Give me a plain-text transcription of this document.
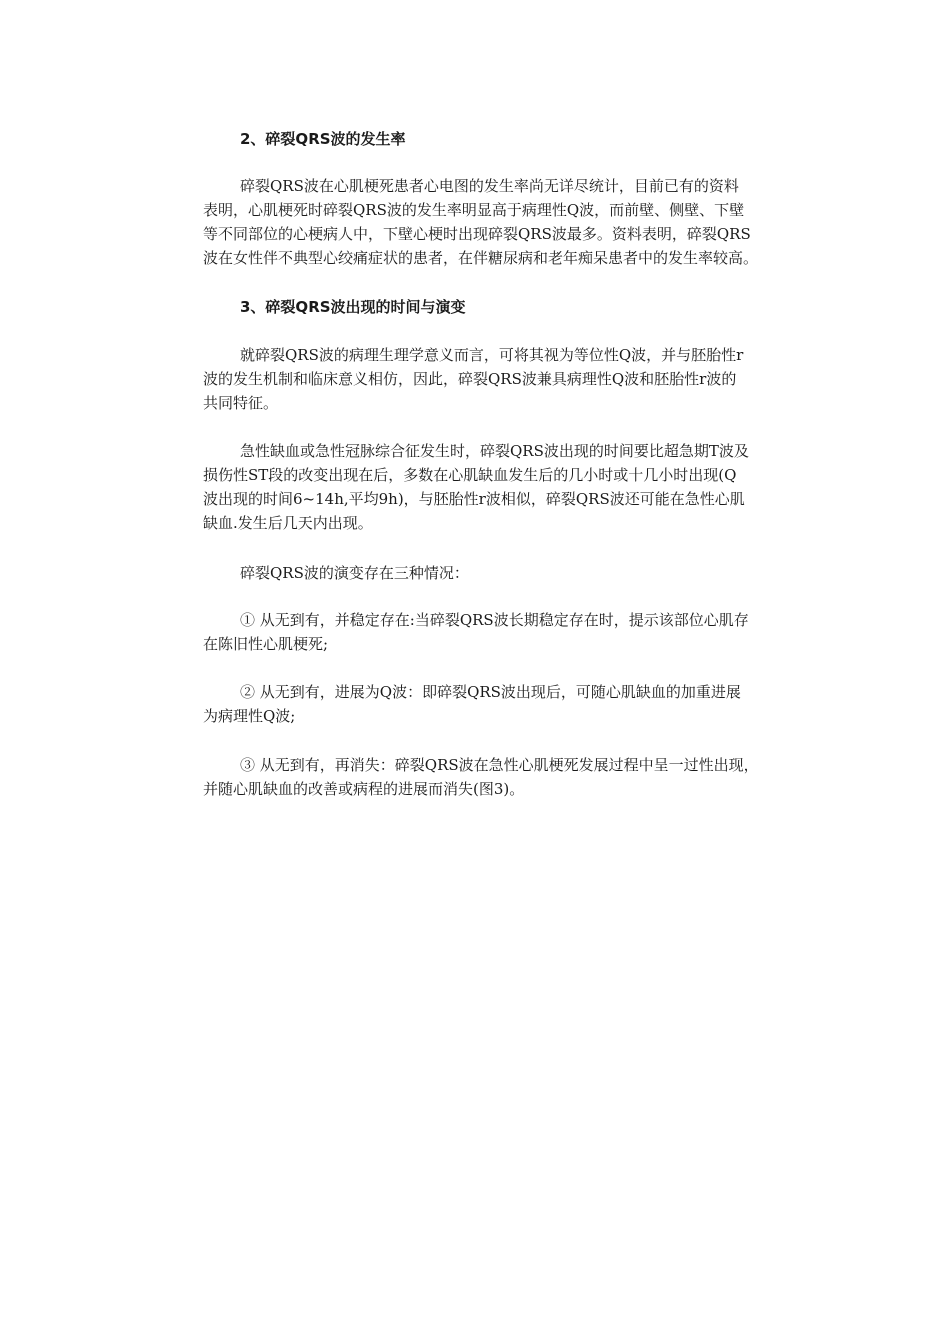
2、碎裂QRS波的发生率
碎裂QRS波在心肌梗死患者心电图的发生率尚无详尽统计，目前已有的资料
表明，心肌梗死时碎裂QRS波的发生率明显高于病理性Q波，而前壁、侧壁、下壁
等不同部位的心梗病人中，下壁心梗时出现碎裂QRS波最多。资料表明，碎裂QRS
波在女性伴不典型心绞痛症状的患者，在伴糖尿病和老年痴呆患者中的发生率较高。
3、碎裂QRS波出现的时间与演变
就碎裂QRS波的病理生理学意义而言，可将其视为等位性Q波，并与胚胎性r
波的发生机制和临床意义相仿，因此，碎裂QRS波兼具病理性Q波和胚胎性r波的
共同特征。
急性缺血或急性冠脉综合征发生时，碎裂QRS波出现的时间要比超急期T波及
损伤性ST段的改变出现在后，多数在心肌缺血发生后的几小时或十几小时出现(Q
波出现的时间6~14h,平均9h)，与胚胎性r波相似，碎裂QRS波还可能在急性心肌
缺血.发生后几天内出现。
碎裂QRS波的演变存在三种情况：
① 从无到有，并稳定存在:当碎裂QRS波长期稳定存在时，提示该部位心肌存
在陈旧性心肌梗死;
② 从无到有，进展为Q波：即碎裂QRS波出现后，可随心肌缺血的加重进展
为病理性Q波;
③ 从无到有，再消失：碎裂QRS波在急性心肌梗死发展过程中呈一过性出现，
并随心肌缺血的改善或病程的进展而消失(图3)。
